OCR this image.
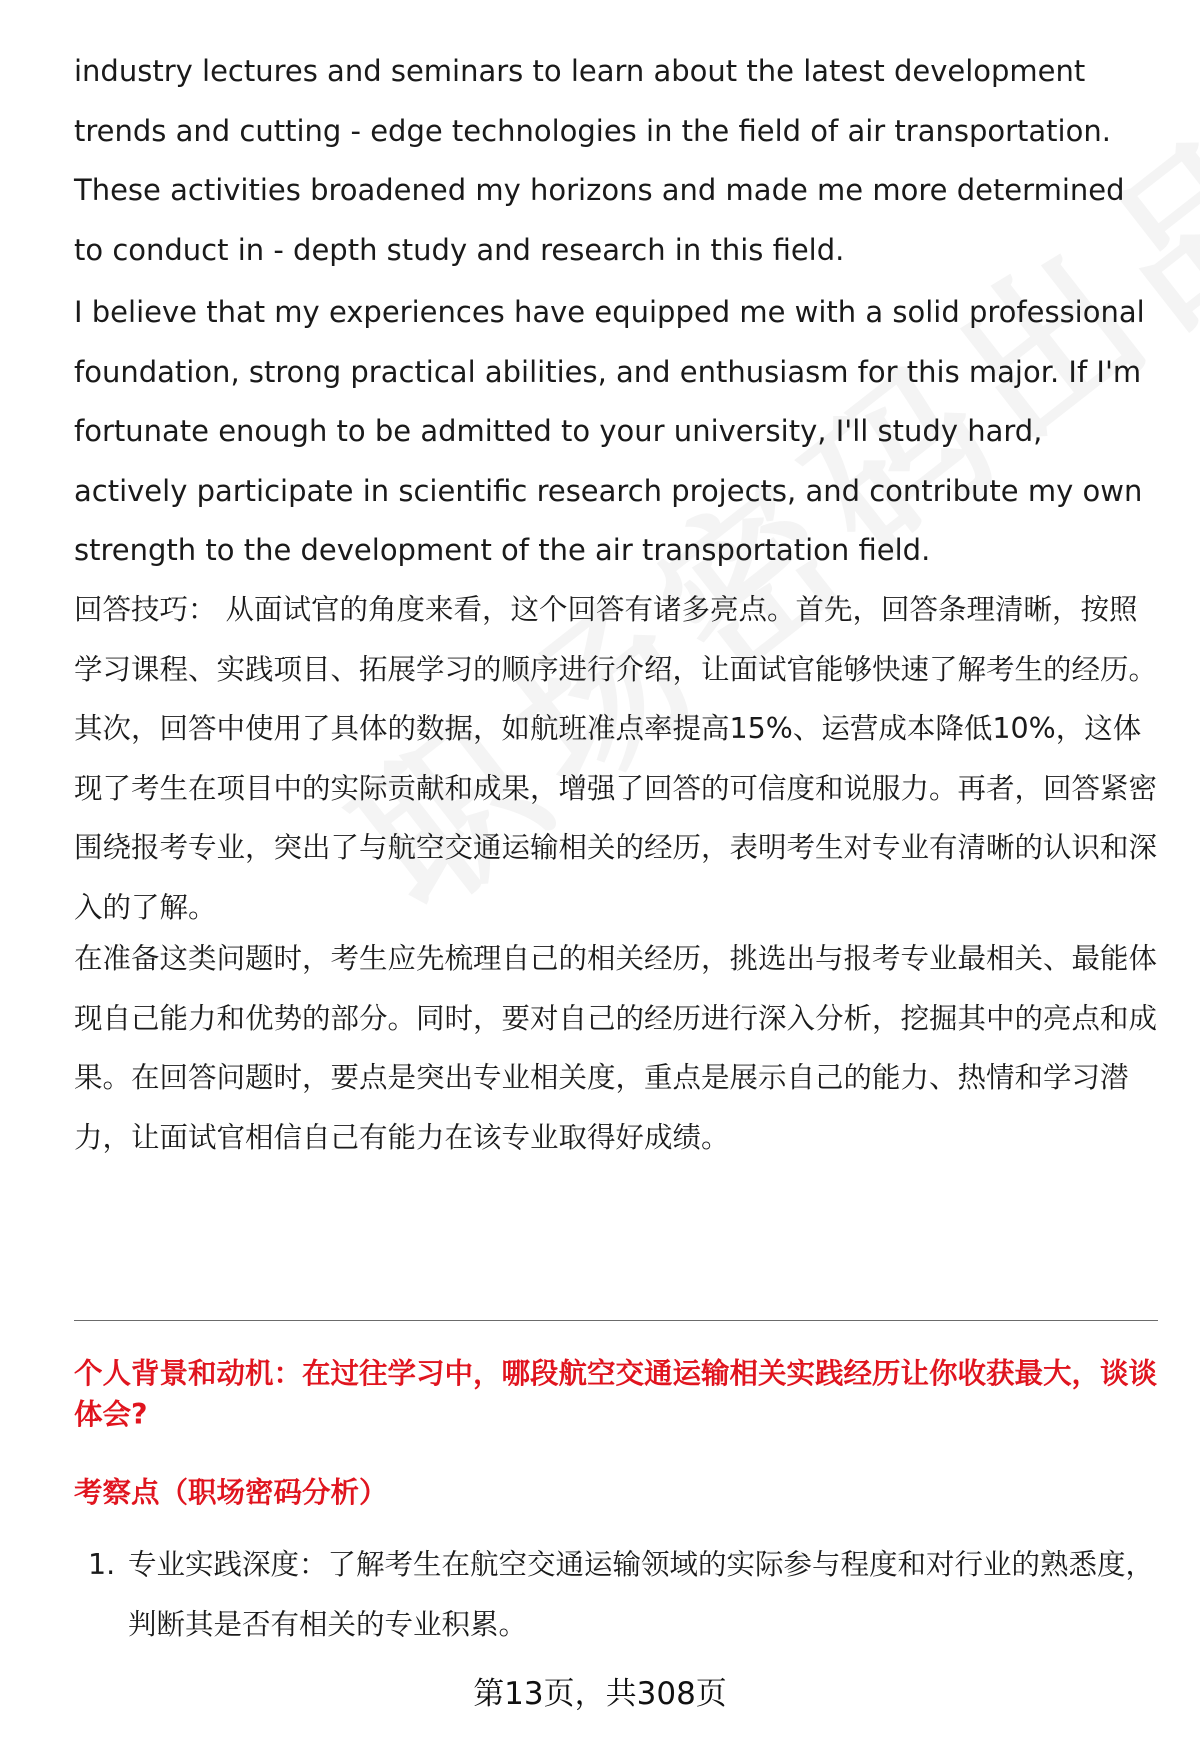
industry lectures and seminars to learn about the latest development trends and cutting - edge technologies in the field of air transportation. These activities broadened my horizons and made me more determined to conduct in - depth study and research in this field.

I believe that my experiences have equipped me with a solid professional foundation, strong practical abilities, and enthusiasm for this major. If I'm fortunate enough to be admitted to your university, I'll study hard, actively participate in scientific research projects, and contribute my own strength to the development of the air transportation field.

回答技巧： 从面试官的角度来看，这个回答有诸多亮点。首先，回答条理清晰，按照学习课程、实践项目、拓展学习的顺序进行介绍，让面试官能够快速了解考生的经历。其次，回答中使用了具体的数据，如航班准点率提高15%、运营成本降低10%，这体现了考生在项目中的实际贡献和成果，增强了回答的可信度和说服力。再者，回答紧密围绕报考专业，突出了与航空交通运输相关的经历，表明考生对专业有清晰的认识和深入的了解。

在准备这类问题时，考生应先梳理自己的相关经历，挑选出与报考专业最相关、最能体现自己能力和优势的部分。同时，要对自己的经历进行深入分析，挖掘其中的亮点和成果。在回答问题时，要点是突出专业相关度，重点是展示自己的能力、热情和学习潜力，让面试官相信自己有能力在该专业取得好成绩。

个人背景和动机：在过往学习中，哪段航空交通运输相关实践经历让你收获最大，谈谈体会?

考察点（职场密码分析）

1. 专业实践深度：了解考生在航空交通运输领域的实际参与程度和对行业的熟悉度，判断其是否有相关的专业积累。

第13页，共308页
